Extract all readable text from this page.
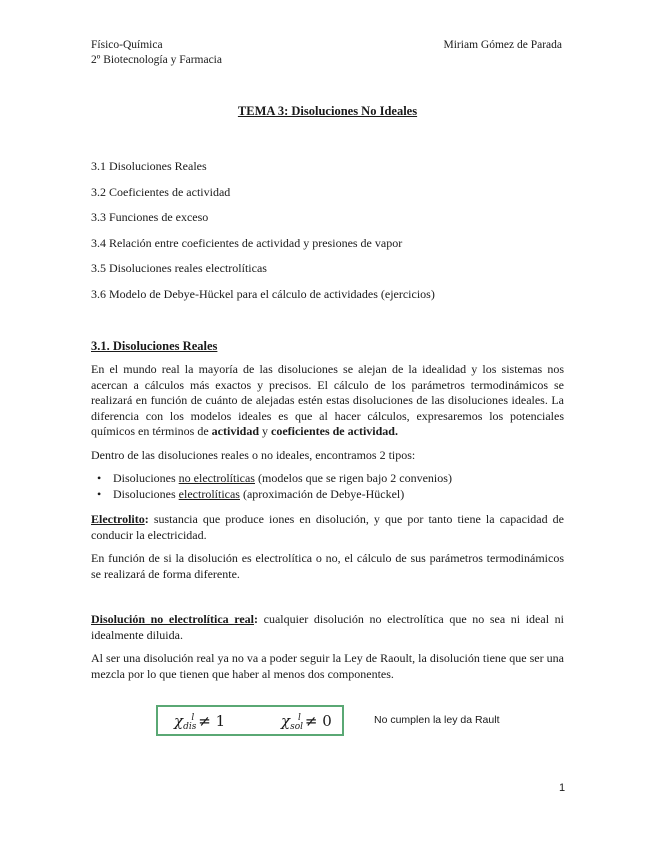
Físico-Química
2º Biotecnología y Farmacia
Miriam Gómez de Parada
TEMA 3: Disoluciones No Ideales
3.1 Disoluciones Reales
3.2 Coeficientes de actividad
3.3 Funciones de exceso
3.4 Relación entre coeficientes de actividad y presiones de vapor
3.5 Disoluciones reales electrolíticas
3.6 Modelo de Debye-Hückel para el cálculo de actividades (ejercicios)
3.1. Disoluciones Reales

En el mundo real la mayoría de las disoluciones se alejan de la idealidad y los sistemas nos acercan a cálculos más exactos y precisos. El cálculo de los parámetros termodinámicos se realizará en función de cuánto de alejadas estén estas disoluciones de las disoluciones ideales. La diferencia con los modelos ideales es que al hacer cálculos, expresaremos los potenciales químicos en términos de actividad y coeficientes de actividad.

Dentro de las disoluciones reales o no ideales, encontramos 2 tipos:

• Disoluciones no electrolíticas (modelos que se rigen bajo 2 convenios)
• Disoluciones electrolíticas (aproximación de Debye-Hückel)

Electrolito: sustancia que produce iones en disolución, y que por tanto tiene la capacidad de conducir la electricidad.

En función de si la disolución es electrolítica o no, el cálculo de sus parámetros termodinámicos se realizará de forma diferente.

Disolución no electrolítica real: cualquier disolución no electrolítica que no sea ni ideal ni idealmente diluida.

Al ser una disolución real ya no va a poder seguir la Ley de Raoult, la disolución tiene que ser una mezcla por lo que tienen que haber al menos dos componentes.

$\chi_{dis}^l \ne 1$	$\chi_{sol}^l \ne 0$	No cumplen la ley da Rault
1
